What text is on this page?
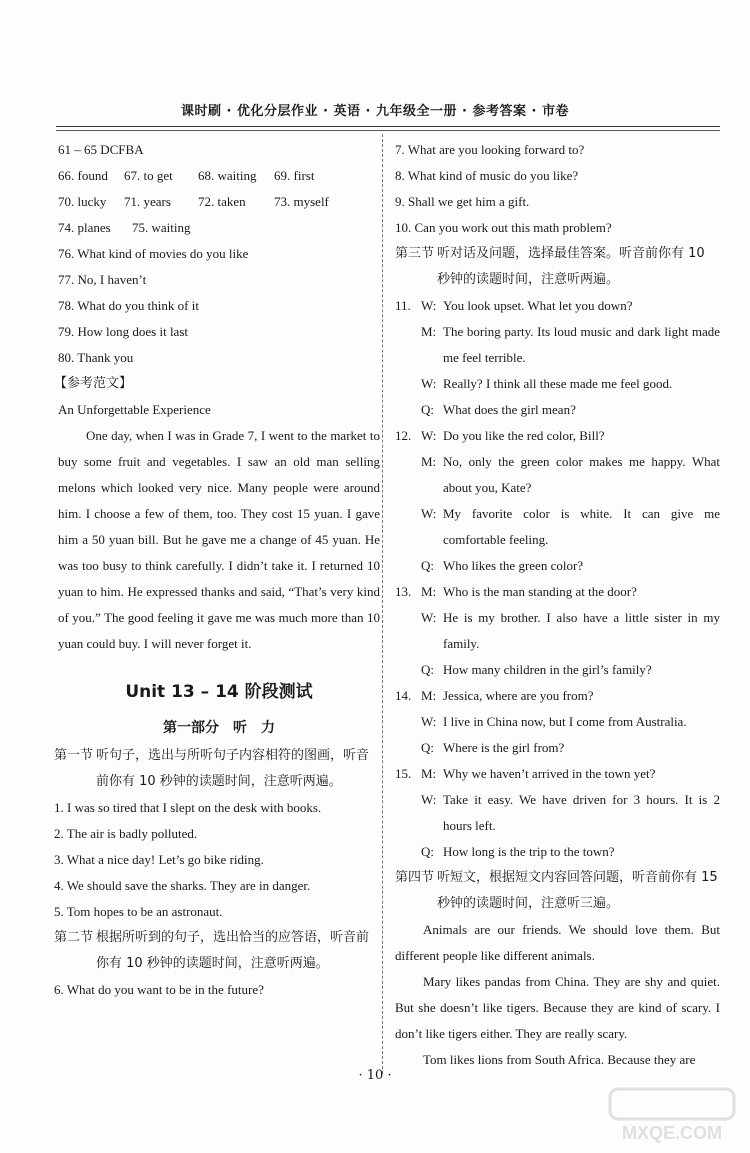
课时刷 · 优化分层作业 · 英语 · 九年级全一册 · 参考答案 · 市卷
61 – 65 DCFBA
66. found	67. to get	68. waiting	69. first
70. lucky	71. years	72. taken	73. myself
74. planes	75. waiting
76. What kind of movies do you like
77. No, I haven’t
78. What do you think of it
79. How long does it last
80. Thank you
【参考范文】
An Unforgettable Experience

One day, when I was in Grade 7, I went to the market to buy some fruit and vegetables. I saw an old man selling melons which looked very nice. Many people were around him. I choose a few of them, too. They cost 15 yuan. I gave him a 50 yuan bill. But he gave me a change of 45 yuan. He was too busy to think carefully. I didn’t take it. I returned 10 yuan to him. He expressed thanks and said, “That’s very kind of you.” The good feeling it gave me was much more than 10 yuan could buy. I will never forget it.

Unit 13 – 14 阶段测试
第一部分　听　力
第一节 听句子，选出与所听句子内容相符的图画，听音前你有 10 秒钟的读题时间，注意听两遍。
1. I was so tired that I slept on the desk with books.
2. The air is badly polluted.
3. What a nice day! Let’s go bike riding.
4. We should save the sharks. They are in danger.
5. Tom hopes to be an astronaut.
第二节 根据所听到的句子，选出恰当的应答语，听音前你有 10 秒钟的读题时间，注意听两遍。
6. What do you want to be in the future?
7. What are you looking forward to?
8. What kind of music do you like?
9. Shall we get him a gift.
10. Can you work out this math problem?
第三节 听对话及问题，选择最佳答案。听音前你有 10 秒钟的读题时间，注意听两遍。
11. W: You look upset. What let you down?
M: The boring party. Its loud music and dark light made me feel terrible.
W: Really? I think all these made me feel good.
Q: What does the girl mean?
12. W: Do you like the red color, Bill?
M: No, only the green color makes me happy. What about you, Kate?
W: My favorite color is white. It can give me comfortable feeling.
Q: Who likes the green color?
13. M: Who is the man standing at the door?
W: He is my brother. I also have a little sister in my family.
Q: How many children in the girl’s family?
14. M: Jessica, where are you from?
W: I live in China now, but I come from Australia.
Q: Where is the girl from?
15. M: Why we haven’t arrived in the town yet?
W: Take it easy. We have driven for 3 hours. It is 2 hours left.
Q: How long is the trip to the town?
第四节 听短文，根据短文内容回答问题，听音前你有 15 秒钟的读题时间，注意听三遍。

Animals are our friends. We should love them. But different people like different animals.

Mary likes pandas from China. They are shy and quiet. But she doesn’t like tigers. Because they are kind of scary. I don’t like tigers either. They are really scary.

Tom likes lions from South Africa. Because they are

· 10 ·
MXQE.COM
